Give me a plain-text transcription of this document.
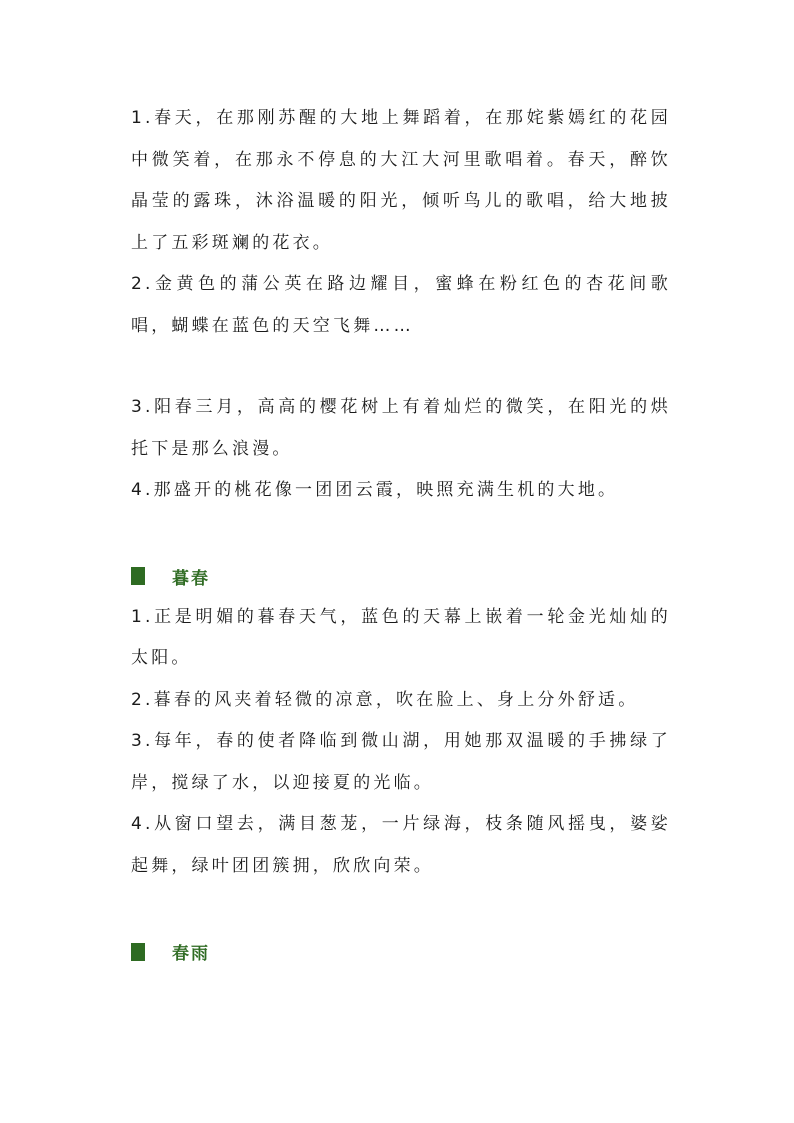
1.春天，在那刚苏醒的大地上舞蹈着，在那姹紫嫣红的花园中微笑着，在那永不停息的大江大河里歌唱着。春天，醉饮晶莹的露珠，沐浴温暖的阳光，倾听鸟儿的歌唱，给大地披上了五彩斑斓的花衣。

2.金黄色的蒲公英在路边耀目，蜜蜂在粉红色的杏花间歌唱，蝴蝶在蓝色的天空飞舞……

3.阳春三月，高高的樱花树上有着灿烂的微笑，在阳光的烘托下是那么浪漫。

4.那盛开的桃花像一团团云霞，映照充满生机的大地。

暮春

1.正是明媚的暮春天气，蓝色的天幕上嵌着一轮金光灿灿的太阳。

2.暮春的风夹着轻微的凉意，吹在脸上、身上分外舒适。

3.每年，春的使者降临到微山湖，用她那双温暖的手拂绿了岸，搅绿了水，以迎接夏的光临。

4.从窗口望去，满目葱茏，一片绿海，枝条随风摇曳，婆娑起舞，绿叶团团簇拥，欣欣向荣。

春雨
